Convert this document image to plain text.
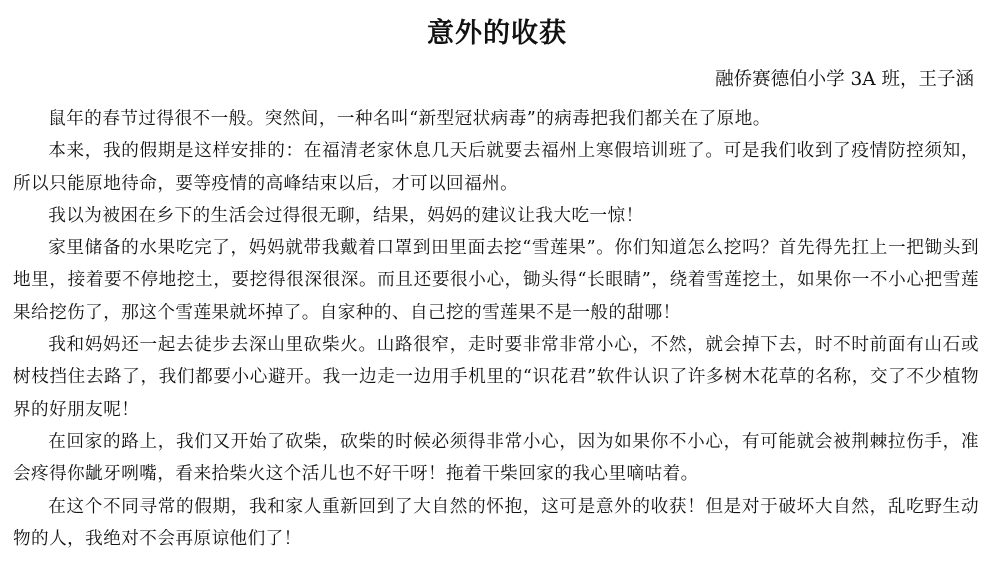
意外的收获

融侨赛德伯小学 3A 班，王子涵

鼠年的春节过得很不一般。突然间，一种名叫“新型冠状病毒”的病毒把我们都关在了原地。

本来，我的假期是这样安排的：在福清老家休息几天后就要去福州上寒假培训班了。可是我们收到了疫情防控须知，所以只能原地待命，要等疫情的高峰结束以后，才可以回福州。

我以为被困在乡下的生活会过得很无聊，结果，妈妈的建议让我大吃一惊！

家里储备的水果吃完了，妈妈就带我戴着口罩到田里面去挖“雪莲果”。你们知道怎么挖吗？首先得先扛上一把锄头到地里，接着要不停地挖土，要挖得很深很深。而且还要很小心，锄头得“长眼睛”，绕着雪莲挖土，如果你一不小心把雪莲果给挖伤了，那这个雪莲果就坏掉了。自家种的、自己挖的雪莲果不是一般的甜哪！

我和妈妈还一起去徒步去深山里砍柴火。山路很窄，走时要非常非常小心，不然，就会掉下去，时不时前面有山石或树枝挡住去路了，我们都要小心避开。我一边走一边用手机里的“识花君”软件认识了许多树木花草的名称，交了不少植物界的好朋友呢！

在回家的路上，我们又开始了砍柴，砍柴的时候必须得非常小心，因为如果你不小心，有可能就会被荆棘拉伤手，准会疼得你龇牙咧嘴，看来拾柴火这个活儿也不好干呀！拖着干柴回家的我心里嘀咕着。

在这个不同寻常的假期，我和家人重新回到了大自然的怀抱，这可是意外的收获！但是对于破坏大自然，乱吃野生动物的人，我绝对不会再原谅他们了！
